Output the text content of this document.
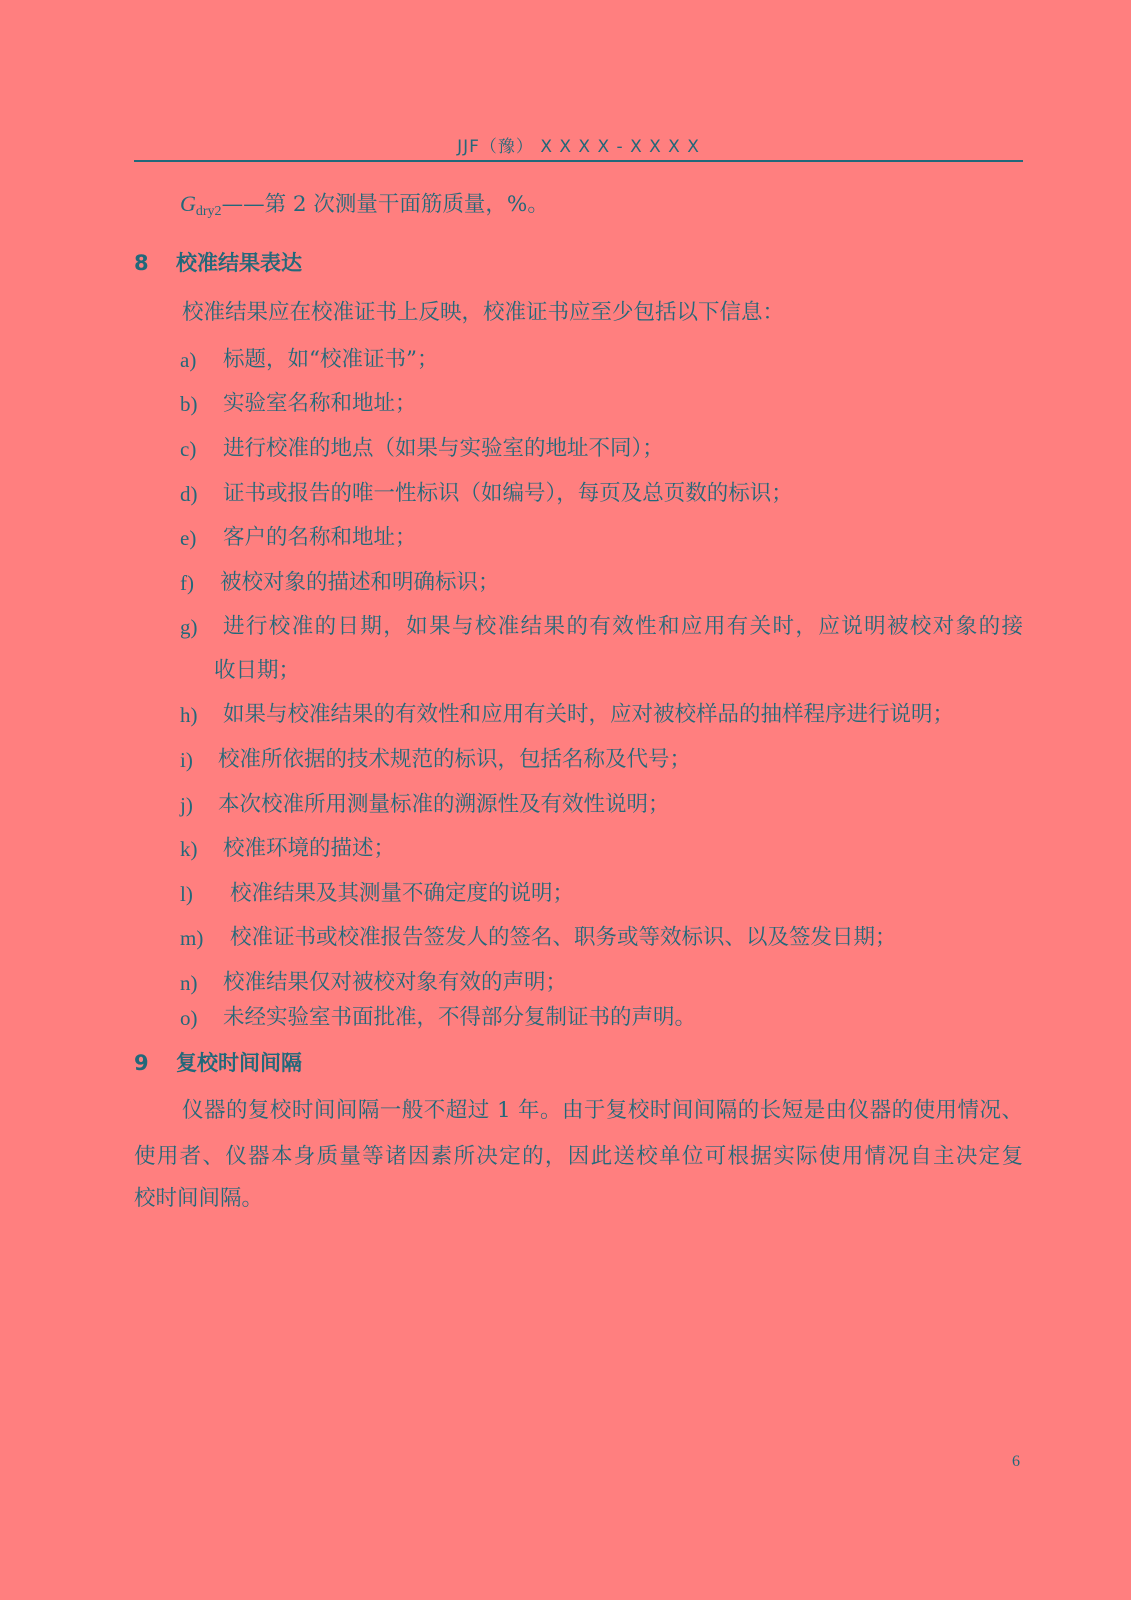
JJF（豫） X X X X - X X X X
$G_{dry2}——$第 2 次测量干面筋质量，%。
8 校准结果表达
校准结果应在校准证书上反映，校准证书应至少包括以下信息：
a) 标题，如“校准证书”；
b) 实验室名称和地址；
c) 进行校准的地点（如果与实验室的地址不同）；
d) 证书或报告的唯一性标识（如编号），每页及总页数的标识；
e) 客户的名称和地址；
f) 被校对象的描述和明确标识；
g) 进行校准的日期，如果与校准结果的有效性和应用有关时，应说明被校对象的接
收日期；
h) 如果与校准结果的有效性和应用有关时，应对被校样品的抽样程序进行说明；
i) 校准所依据的技术规范的标识，包括名称及代号；
j) 本次校准所用测量标准的溯源性及有效性说明；
k) 校准环境的描述；
l) 校准结果及其测量不确定度的说明；
m) 校准证书或校准报告签发人的签名、职务或等效标识、以及签发日期；
n) 校准结果仅对被校对象有效的声明；
o) 未经实验室书面批准，不得部分复制证书的声明。
9 复校时间间隔
仪器的复校时间间隔一般不超过 1 年。由于复校时间间隔的长短是由仪器的使用情况、
使用者、仪器本身质量等诸因素所决定的，因此送校单位可根据实际使用情况自主决定复
校时间间隔。
6
